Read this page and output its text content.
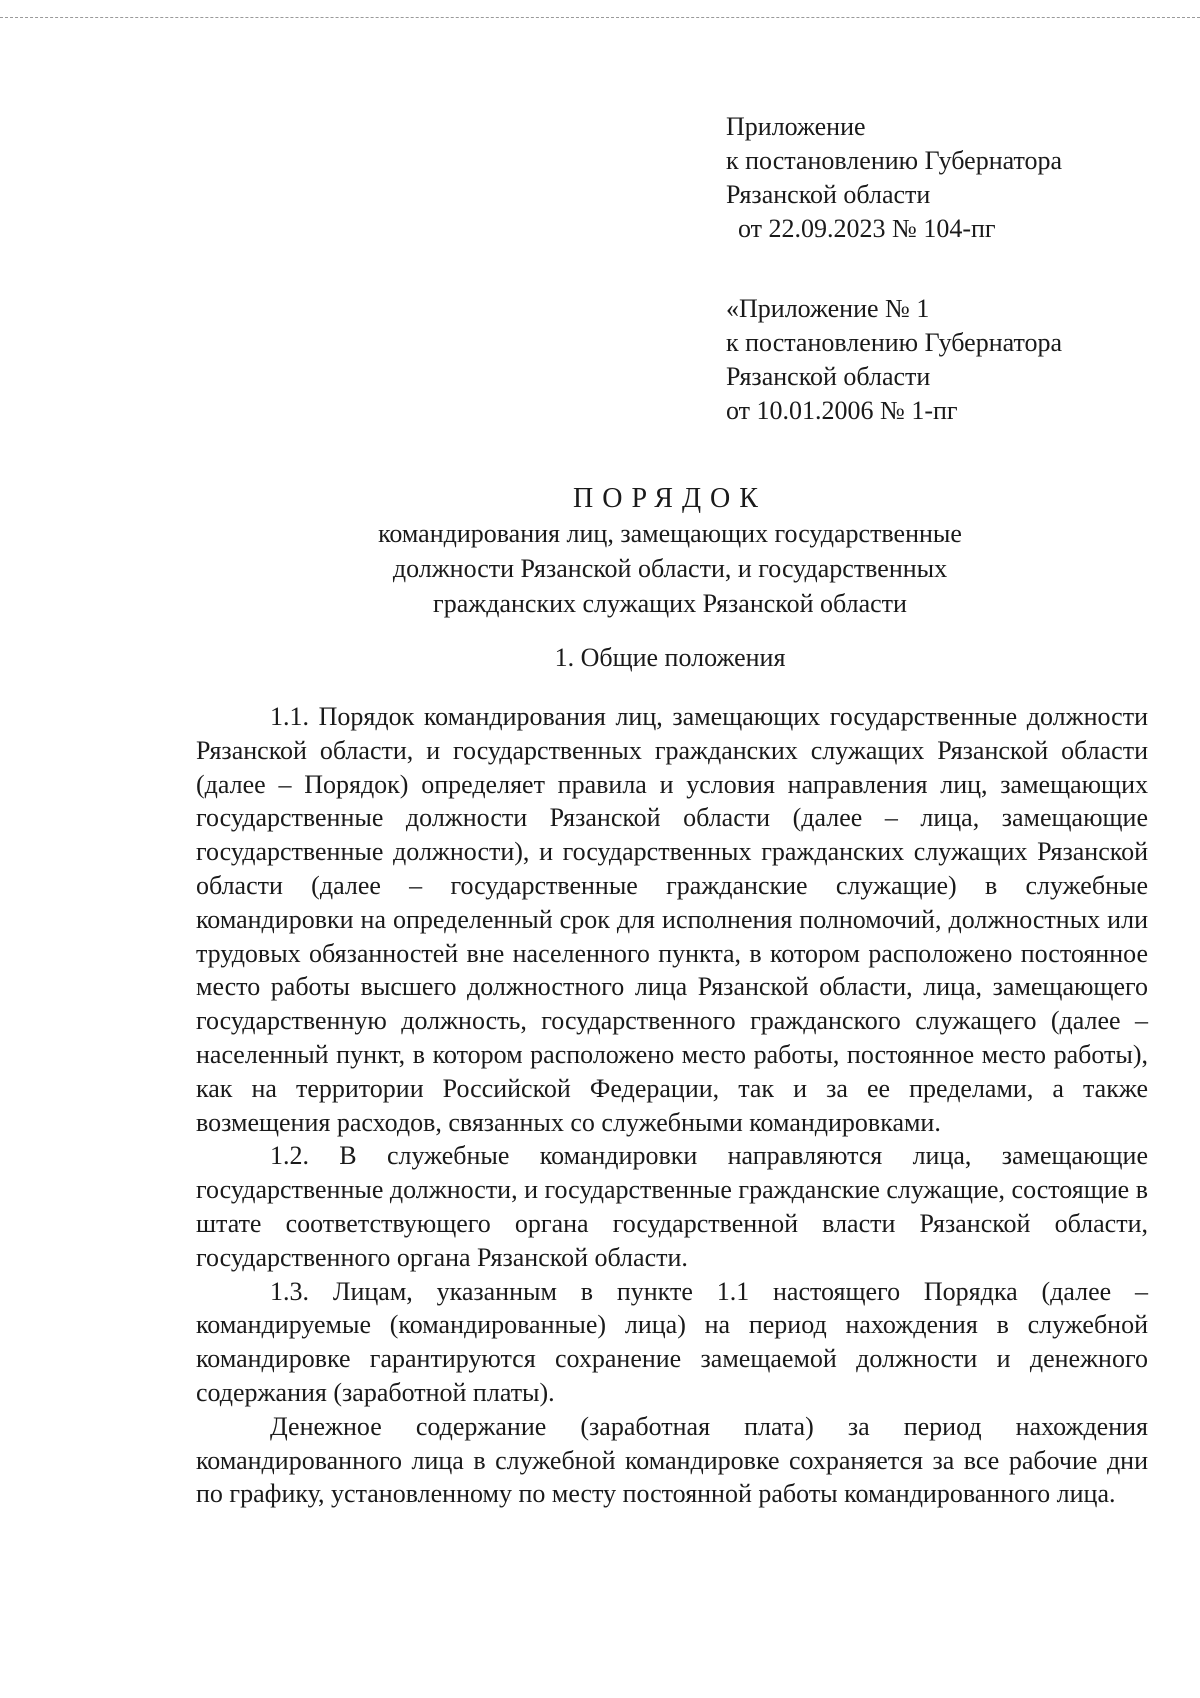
Приложение
к постановлению Губернатора
Рязанской области
от 22.09.2023 № 104-пг
«Приложение № 1
к постановлению Губернатора
Рязанской области
от 10.01.2006 № 1-пг
ПОРЯДОК
командирования лиц, замещающих государственные
должности Рязанской области, и государственных
гражданских служащих Рязанской области
1. Общие положения

1.1. Порядок командирования лиц, замещающих государственные должности Рязанской области, и государственных гражданских служащих Рязанской области (далее – Порядок) определяет правила и условия направления лиц, замещающих государственные должности Рязанской области (далее – лица, замещающие государственные должности), и государственных гражданских служащих Рязанской области (далее – государственные гражданские служащие) в служебные командировки на определенный срок для исполнения полномочий, должностных или трудовых обязанностей вне населенного пункта, в котором расположено постоянное место работы высшего должностного лица Рязанской области, лица, замещающего государственную должность, государственного гражданского служащего (далее – населенный пункт, в котором расположено место работы, постоянное место работы), как на территории Российской Федерации, так и за ее пределами, а также возмещения расходов, связанных со служебными командировками.

1.2. В служебные командировки направляются лица, замещающие государственные должности, и государственные гражданские служащие, состоящие в штате соответствующего органа государственной власти Рязанской области, государственного органа Рязанской области.

1.3. Лицам, указанным в пункте 1.1 настоящего Порядка (далее – командируемые (командированные) лица) на период нахождения в служебной командировке гарантируются сохранение замещаемой должности и денежного содержания (заработной платы).

Денежное содержание (заработная плата) за период нахождения командированного лица в служебной командировке сохраняется за все рабочие дни по графику, установленному по месту постоянной работы командированного лица.
